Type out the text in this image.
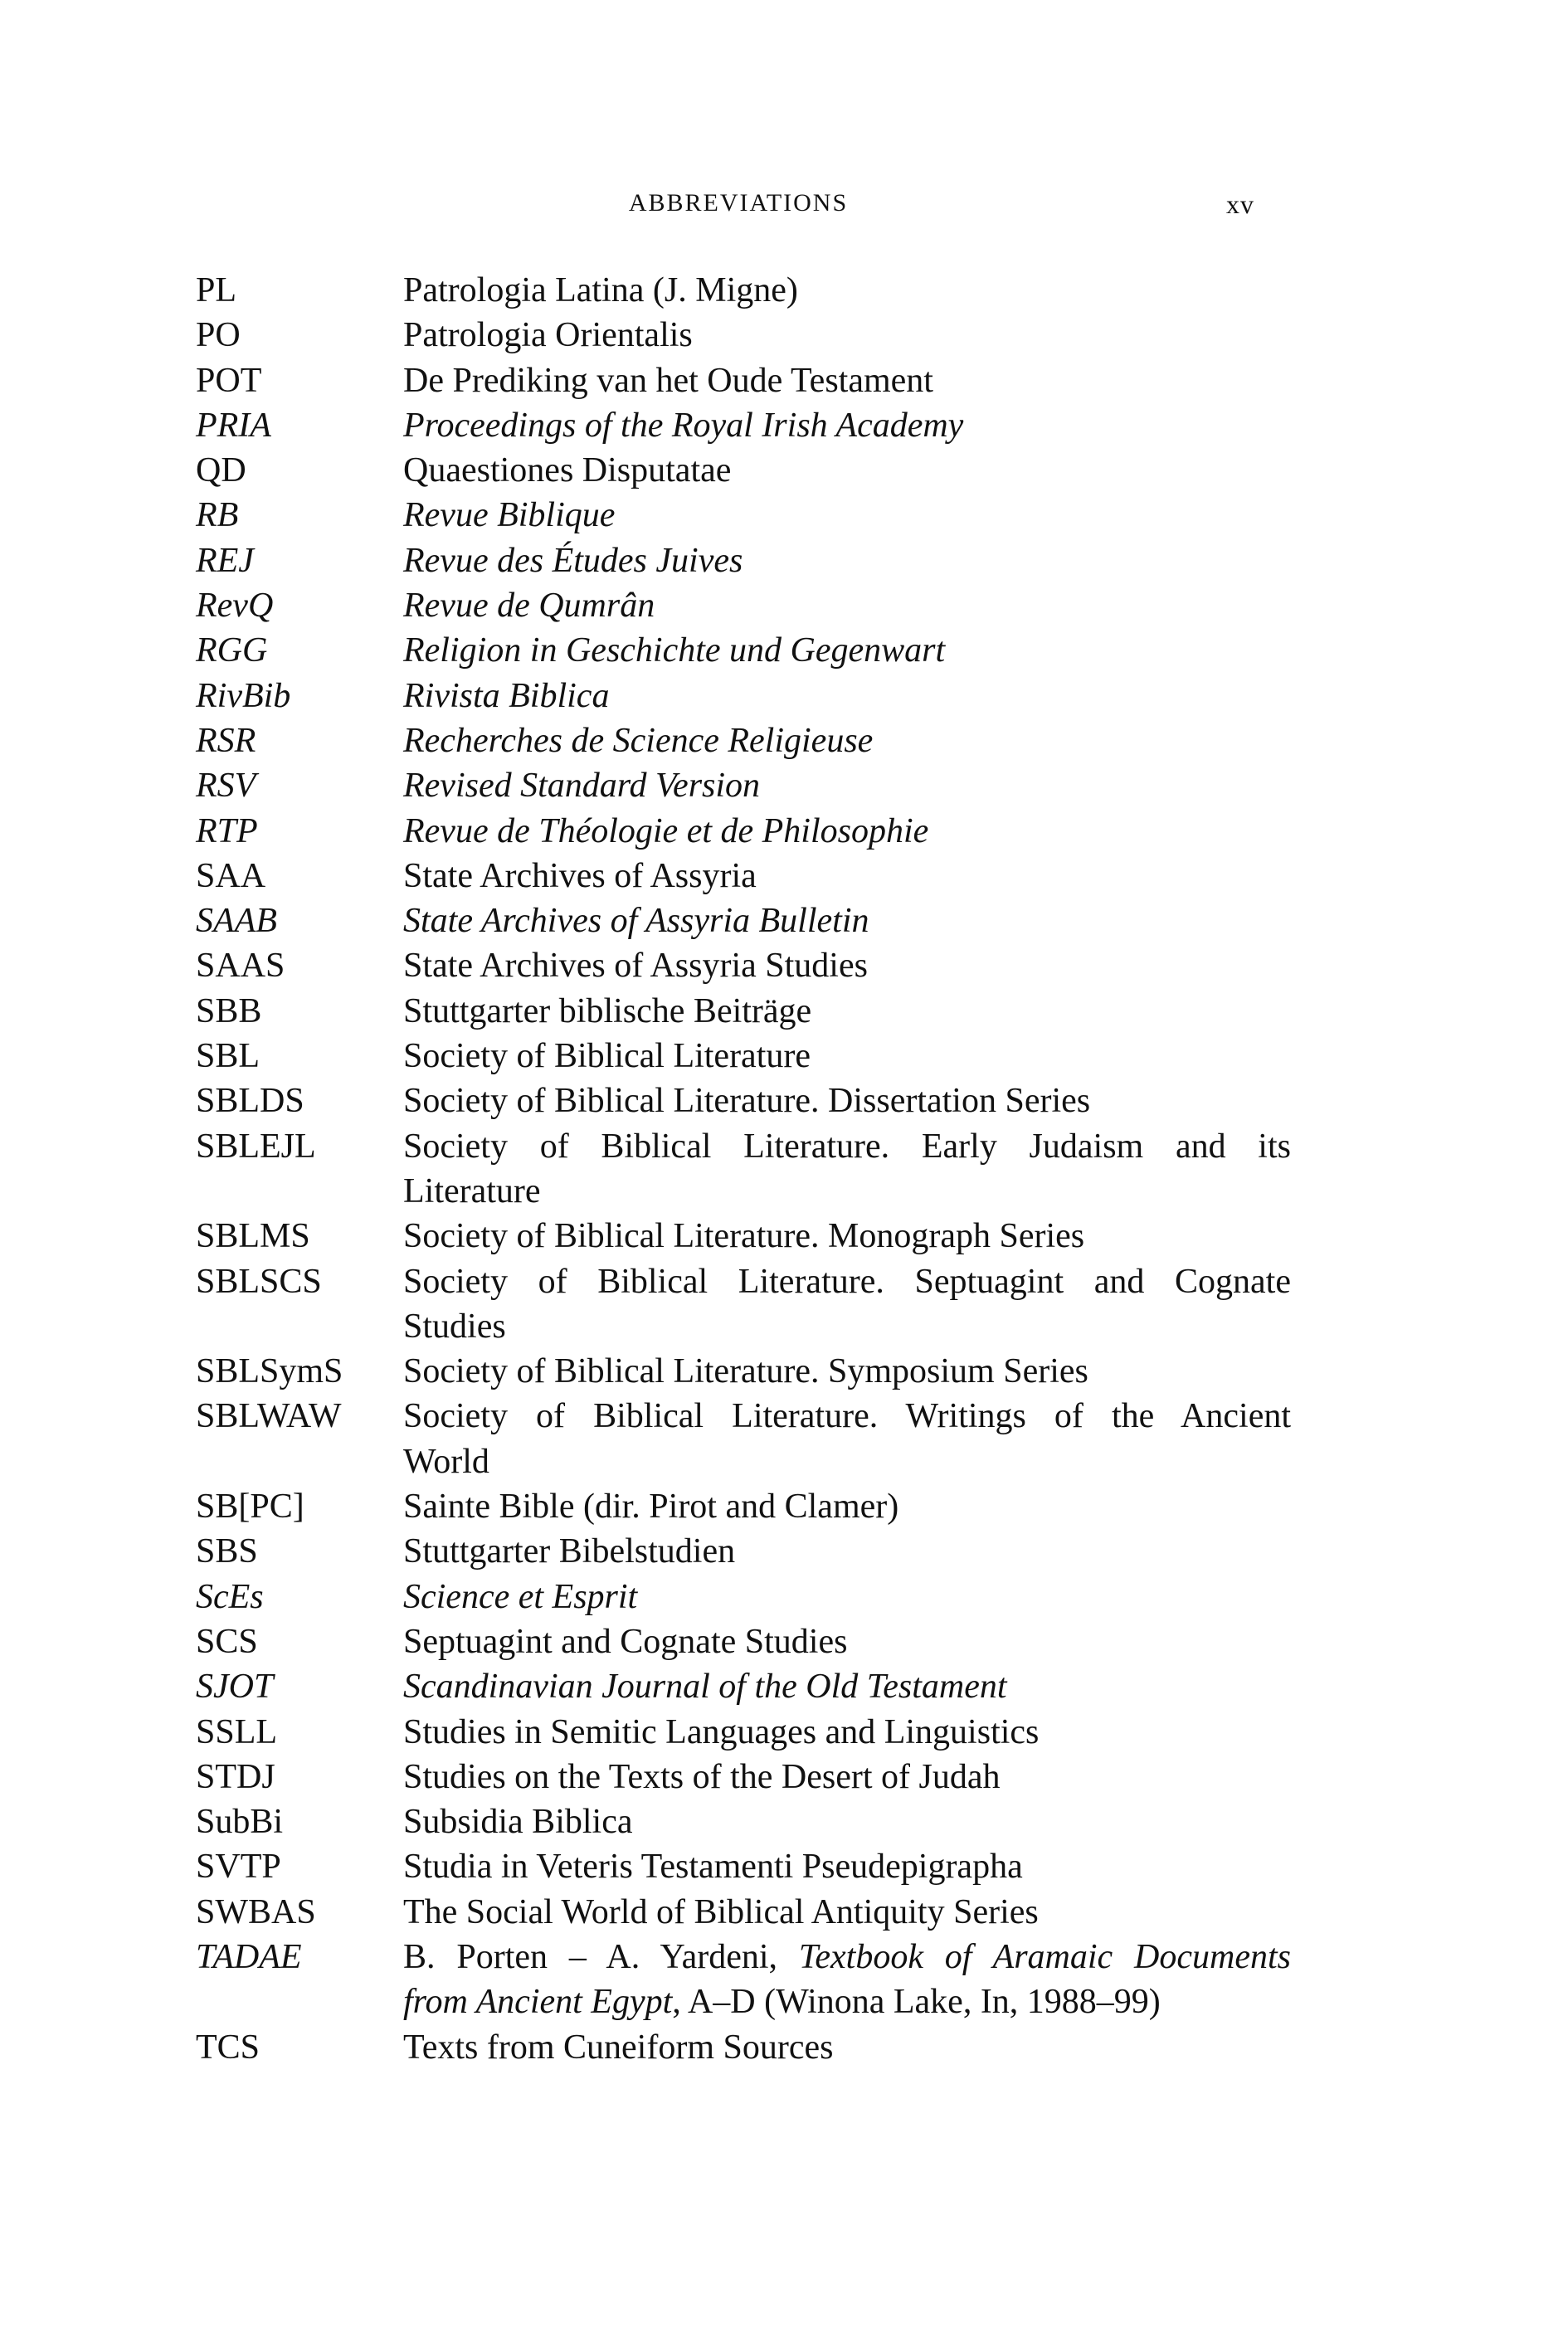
ABBREVIATIONS	xv
PL	Patrologia Latina (J. Migne)
PO	Patrologia Orientalis
POT	De Prediking van het Oude Testament
PRIA	Proceedings of the Royal Irish Academy
QD	Quaestiones Disputatae
RB	Revue Biblique
REJ	Revue des Études Juives
RevQ	Revue de Qumrân
RGG	Religion in Geschichte und Gegenwart
RivBib	Rivista Biblica
RSR	Recherches de Science Religieuse
RSV	Revised Standard Version
RTP	Revue de Théologie et de Philosophie
SAA	State Archives of Assyria
SAAB	State Archives of Assyria Bulletin
SAAS	State Archives of Assyria Studies
SBB	Stuttgarter biblische Beiträge
SBL	Society of Biblical Literature
SBLDS	Society of Biblical Literature. Dissertation Series
SBLEJL	Society of Biblical Literature. Early Judaism and its
Literature
SBLMS	Society of Biblical Literature. Monograph Series
SBLSCS	Society of Biblical Literature. Septuagint and Cognate
Studies
SBLSymS	Society of Biblical Literature. Symposium Series
SBLWAW	Society of Biblical Literature. Writings of the Ancient
World
SB[PC]	Sainte Bible (dir. Pirot and Clamer)
SBS	Stuttgarter Bibelstudien
ScEs	Science et Esprit
SCS	Septuagint and Cognate Studies
SJOT	Scandinavian Journal of the Old Testament
SSLL	Studies in Semitic Languages and Linguistics
STDJ	Studies on the Texts of the Desert of Judah
SubBi	Subsidia Biblica
SVTP	Studia in Veteris Testamenti Pseudepigrapha
SWBAS	The Social World of Biblical Antiquity Series
TADAE	B. Porten – A. Yardeni, Textbook of Aramaic Documents
from Ancient Egypt, A–D (Winona Lake, In, 1988–99)
TCS	Texts from Cuneiform Sources
